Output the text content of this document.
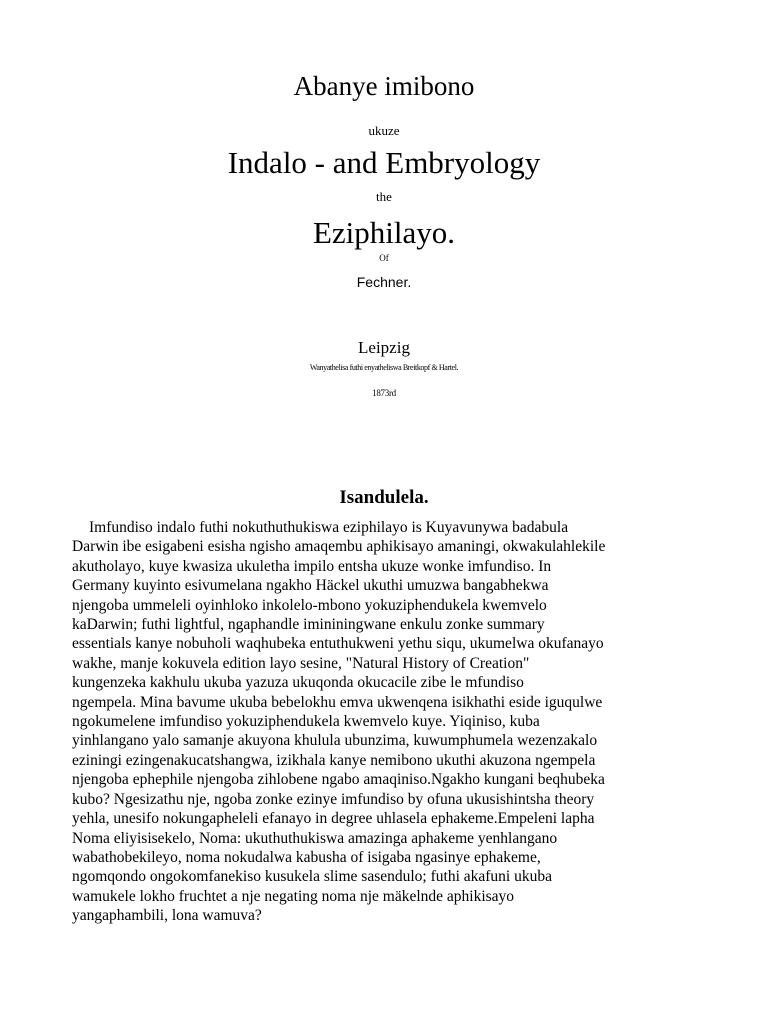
Abanye imibono
ukuze
Indalo - and Embryology
the
Eziphilayo.
Of
Fechner.
Leipzig
Wanyathelisa futhi enyatheliswa Breitkopf & Hartel.
1873rd
Isandulela.
Imfundiso indalo futhi nokuthuthukiswa eziphilayo is Kuyavunywa badabula
Darwin ibe esigabeni esisha ngisho amaqembu aphikisayo amaningi, okwakulahlekile
akutholayo, kuye kwasiza ukuletha impilo entsha ukuze wonke imfundiso. In
Germany kuyinto esivumelana ngakho Häckel ukuthi umuzwa bangabhekwa
njengoba ummeleli oyinhloko inkolelo-mbono yokuziphendukela kwemvelo
kaDarwin; futhi lightful, ngaphandle imininingwane enkulu zonke summary
essentials kanye nobuholi waqhubeka entuthukweni yethu siqu, ukumelwa okufanayo
wakhe, manje kokuvela edition layo sesine, "Natural History of Creation"
kungenzeka kakhulu ukuba yazuza ukuqonda okucacile zibe le mfundiso
ngempela. Mina bavume ukuba bebelokhu emva ukwenqena isikhathi eside iguqulwe
ngokumelene imfundiso yokuziphendukela kwemvelo kuye. Yiqiniso, kuba
yinhlangano yalo samanje akuyona khulula ubunzima, kuwumphumela wezenzakalo
eziningi ezingenakucatshangwa, izikhala kanye nemibono ukuthi akuzona ngempela
njengoba ephephile njengoba zihlobene ngabo amaqiniso.Ngakho kungani beqhubeka
kubo? Ngesizathu nje, ngoba zonke ezinye imfundiso by ofuna ukusishintsha theory
yehla, unesifo nokungapheleli efanayo in degree uhlasela ephakeme.Empeleni lapha
Noma eliyisisekelo, Noma: ukuthuthukiswa amazinga aphakeme yenhlangano
wabathobekileyo, noma nokudalwa kabusha of isigaba ngasinye ephakeme,
ngomqondo ongokomfanekiso kusukela slime sasendulo; futhi akafuni ukuba
wamukele lokho fruchtet a nje negating noma nje mäkelnde aphikisayo
yangaphambili, lona wamuva?
